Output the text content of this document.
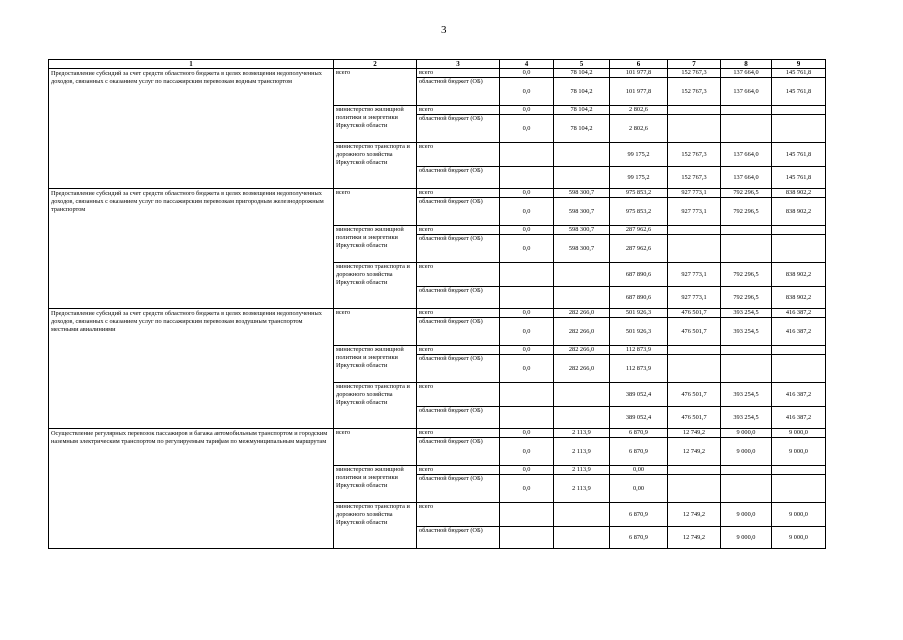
3
1	2	3	4	5	6	7	8	9
Предоставление субсидий за счет средств областного бюджета в целях возмещения недополученных доходов, связанных с оказанием услуг по пассажирским перевозкам водным транспортом	всего	всего	0,0	78 104,2	101 977,8	152 767,3	137 664,0	145 761,8
		областной бюджет (ОБ)	0,0	78 104,2	101 977,8	152 767,3	137 664,0	145 761,8
	министерство жилищной политики и энергетики Иркутской области	всего	0,0	78 104,2	2 802,6			
		областной бюджет (ОБ)	0,0	78 104,2	2 802,6			
	министерство транспорта и дорожного хозяйства Иркутской области	всего			99 175,2	152 767,3	137 664,0	145 761,8
		областной бюджет (ОБ)			99 175,2	152 767,3	137 664,0	145 761,8
Предоставление субсидий за счет средств областного бюджета в целях возмещения недополученных доходов, связанных с оказанием услуг по пассажирским перевозкам пригородным железнодорожным транспортом	всего	всего	0,0	598 300,7	975 853,2	927 773,1	792 296,5	838 902,2
		областной бюджет (ОБ)	0,0	598 300,7	975 853,2	927 773,1	792 296,5	838 902,2
	министерство жилищной политики и энергетики Иркутской области	всего	0,0	598 300,7	287 962,6			
		областной бюджет (ОБ)	0,0	598 300,7	287 962,6			
	министерство транспорта и дорожного хозяйства Иркутской области	всего			687 890,6	927 773,1	792 296,5	838 902,2
		областной бюджет (ОБ)			687 890,6	927 773,1	792 296,5	838 902,2
Предоставление субсидий за счет средств областного бюджета в целях возмещения недополученных доходов, связанных с оказанием услуг по пассажирским перевозкам воздушным транспортом местными авиалиниями	всего	всего	0,0	282 266,0	501 926,3	476 501,7	393 254,5	416 387,2
		областной бюджет (ОБ)	0,0	282 266,0	501 926,3	476 501,7	393 254,5	416 387,2
	министерство жилищной политики и энергетики Иркутской области	всего	0,0	282 266,0	112 873,9			
		областной бюджет (ОБ)	0,0	282 266,0	112 873,9			
	министерство транспорта и дорожного хозяйства Иркутской области	всего			389 052,4	476 501,7	393 254,5	416 387,2
		областной бюджет (ОБ)			389 052,4	476 501,7	393 254,5	416 387,2
Осуществление регулярных перевозок пассажиров и багажа автомобильным транспортом и городским наземным электрическим транспортом по регулируемым тарифам по межмуниципальным маршрутам	всего	всего	0,0	2 113,9	6 870,9	12 749,2	9 000,0	9 000,0
		областной бюджет (ОБ)	0,0	2 113,9	6 870,9	12 749,2	9 000,0	9 000,0
	министерство жилищной политики и энергетики Иркутской области	всего	0,0	2 113,9	0,00			
		областной бюджет (ОБ)	0,0	2 113,9	0,00			
	министерство транспорта и дорожного хозяйства Иркутской области	всего			6 870,9	12 749,2	9 000,0	9 000,0
		областной бюджет (ОБ)			6 870,9	12 749,2	9 000,0	9 000,0
